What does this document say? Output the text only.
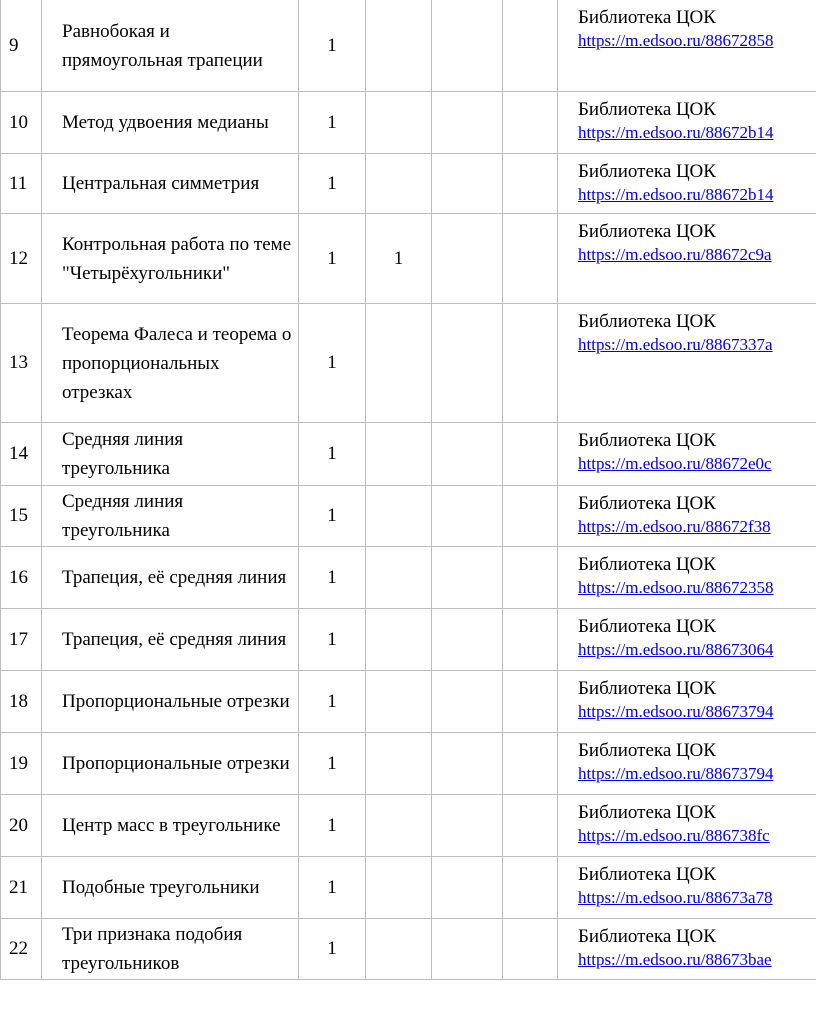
9	Равнобокая и прямоугольная трапеции	1				Библиотека ЦОК
https://m.edsoo.ru/88672858

10	Метод удвоения медианы	1				Библиотека ЦОК
https://m.edsoo.ru/88672b14

11	Центральная симметрия	1				Библиотека ЦОК
https://m.edsoo.ru/88672b14

12	Контрольная работа по теме "Четырёхугольники"	1	1			Библиотека ЦОК
https://m.edsoo.ru/88672c9a

13	Теорема Фалеса и теорема о пропорциональных отрезках	1				Библиотека ЦОК
https://m.edsoo.ru/8867337a

14	Средняя линия треугольника	1				Библиотека ЦОК
https://m.edsoo.ru/88672e0c

15	Средняя линия треугольника	1				Библиотека ЦОК
https://m.edsoo.ru/88672f38

16	Трапеция, её средняя линия	1				Библиотека ЦОК
https://m.edsoo.ru/88672358

17	Трапеция, её средняя линия	1				Библиотека ЦОК
https://m.edsoo.ru/88673064

18	Пропорциональные отрезки	1				Библиотека ЦОК
https://m.edsoo.ru/88673794

19	Пропорциональные отрезки	1				Библиотека ЦОК
https://m.edsoo.ru/88673794

20	Центр масс в треугольнике	1				Библиотека ЦОК
https://m.edsoo.ru/886738fc

21	Подобные треугольники	1				Библиотека ЦОК
https://m.edsoo.ru/88673a78

22	Три признака подобия треугольников	1				Библиотека ЦОК
https://m.edsoo.ru/88673bae
